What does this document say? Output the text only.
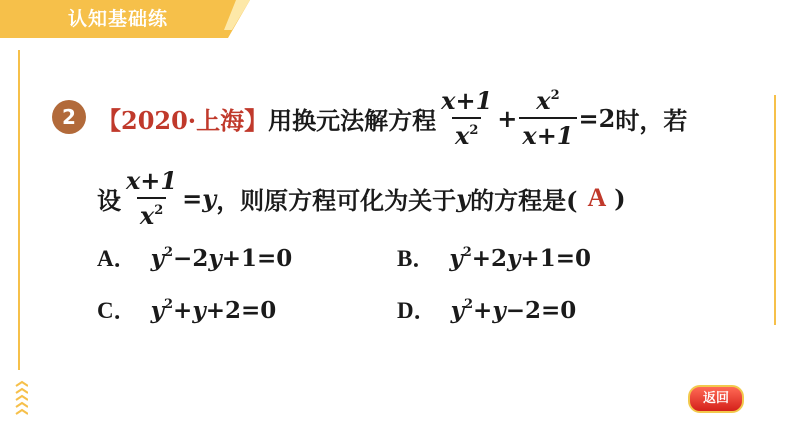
认知基础练
2 【2020·上海】 用换元法解方程 $\frac{x+1}{x^2} + \frac{x^2}{x+1} =2$ 时，若
设 $\frac{x+1}{x^2} = y$ ，则原方程可化为关于 y 的方程是( A )
A． $y^2-2y+1=0$	B． $y^2+2y+1=0$
C． $y^2+y+2=0$	D． $y^2+y-2=0$
返回
